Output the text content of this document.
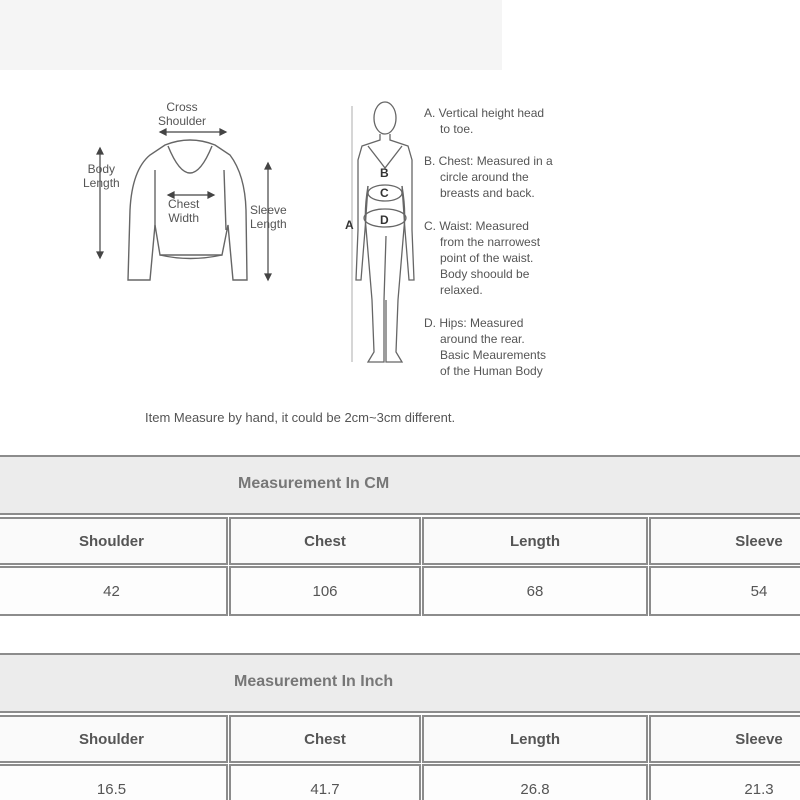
Cross
Shoulder
Body
Length
Chest
Width
Sleeve
Length	A
B
C
D
A. Vertical height head
to toe.
B. Chest: Measured in a
circle around the
breasts and back.
C. Waist: Measured
from the narrowest
point of the waist.
Body shoould be
relaxed.
D. Hips: Measured
around the rear.
Basic Meaurements
of the Human Body
Item Measure by hand, it could be 2cm~3cm different.
Measurement In CM
Shoulder	Chest	Length	Sleeve
42	106	68	54
Measurement In Inch
Shoulder	Chest	Length	Sleeve
16.5	41.7	26.8	21.3
